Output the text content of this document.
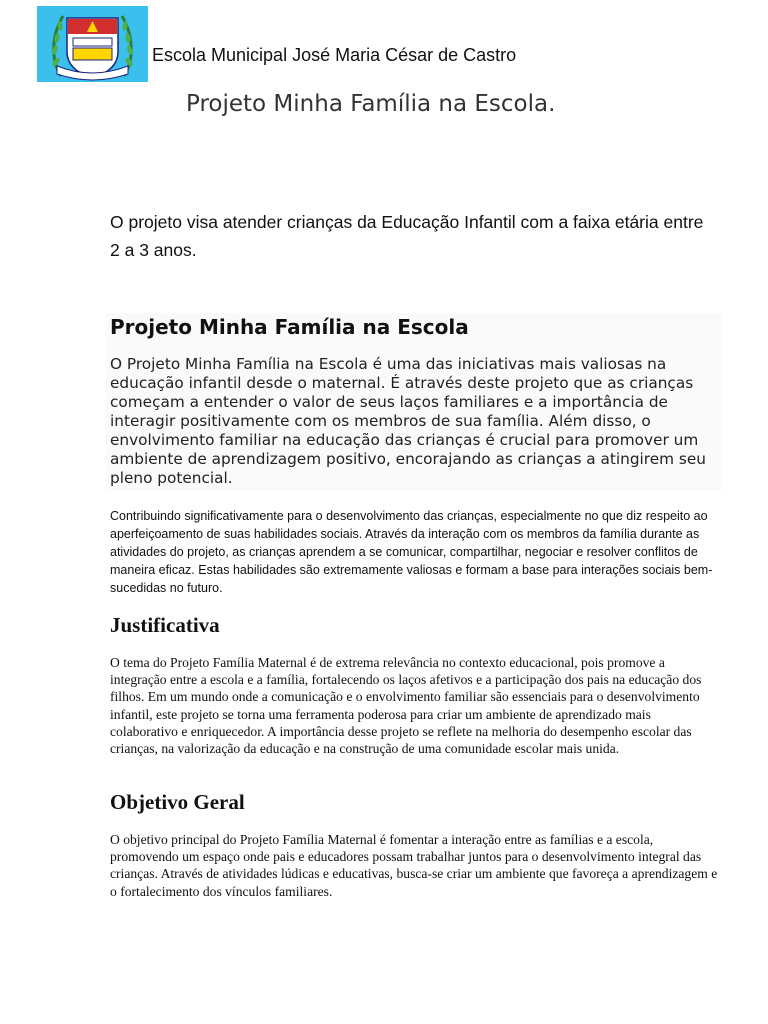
Escola Municipal José Maria César de Castro
Projeto Minha Família na Escola.

O projeto visa atender crianças da Educação Infantil com a faixa etária entre 2 a 3 anos.

Projeto Minha Família na Escola

O Projeto Minha Família na Escola é uma das iniciativas mais valiosas na educação infantil desde o maternal. É através deste projeto que as crianças começam a entender o valor de seus laços familiares e a importância de interagir positivamente com os membros de sua família. Além disso, o envolvimento familiar na educação das crianças é crucial para promover um ambiente de aprendizagem positivo, encorajando as crianças a atingirem seu pleno potencial.

Contribuindo significativamente para o desenvolvimento das crianças, especialmente no que diz respeito ao aperfeiçoamento de suas habilidades sociais. Através da interação com os membros da família durante as atividades do projeto, as crianças aprendem a se comunicar, compartilhar, negociar e resolver conflitos de maneira eficaz. Estas habilidades são extremamente valiosas e formam a base para interações sociais bem-sucedidas no futuro.

Justificativa

O tema do Projeto Família Maternal é de extrema relevância no contexto educacional, pois promove a integração entre a escola e a família, fortalecendo os laços afetivos e a participação dos pais na educação dos filhos. Em um mundo onde a comunicação e o envolvimento familiar são essenciais para o desenvolvimento infantil, este projeto se torna uma ferramenta poderosa para criar um ambiente de aprendizado mais colaborativo e enriquecedor. A importância desse projeto se reflete na melhoria do desempenho escolar das crianças, na valorização da educação e na construção de uma comunidade escolar mais unida.

Objetivo Geral

O objetivo principal do Projeto Família Maternal é fomentar a interação entre as famílias e a escola, promovendo um espaço onde pais e educadores possam trabalhar juntos para o desenvolvimento integral das crianças. Através de atividades lúdicas e educativas, busca-se criar um ambiente que favoreça a aprendizagem e o fortalecimento dos vínculos familiares.
